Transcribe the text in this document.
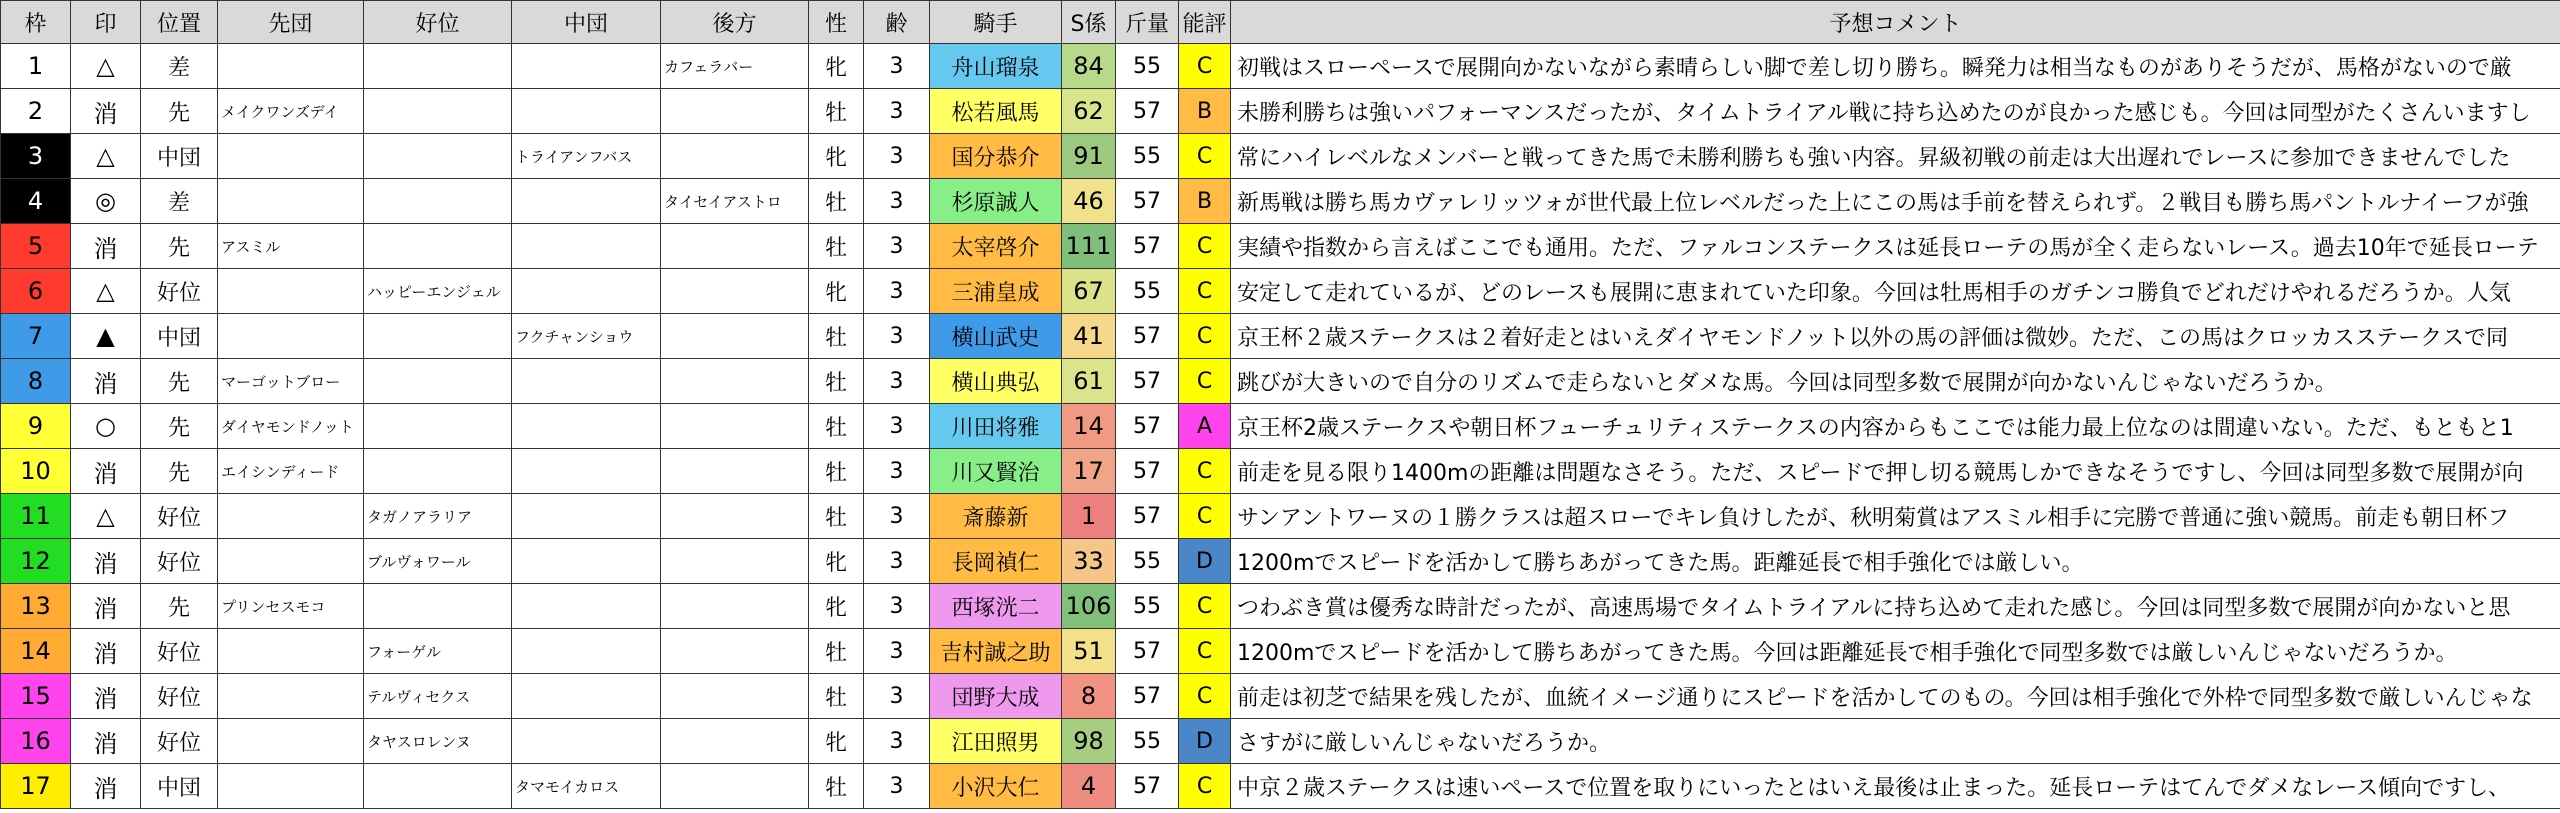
枠	印	位置	先団	好位	中団	後方	性	齢	騎手	S係	斤量	能評	予想コメント
1	△	差				カフェラバー	牝	3	舟山瑠泉	84	55	C	初戦はスローペースで展開向かないながら素晴らしい脚で差し切り勝ち。瞬発力は相当なものがありそうだが、馬格がないので厳
2	消	先	メイクワンズデイ				牡	3	松若風馬	62	57	B	未勝利勝ちは強いパフォーマンスだったが、タイムトライアル戦に持ち込めたのが良かった感じも。今回は同型がたくさんいますし
3	△	中団			トライアンフバス		牝	3	国分恭介	91	55	C	常にハイレベルなメンバーと戦ってきた馬で未勝利勝ちも強い内容。昇級初戦の前走は大出遅れでレースに参加できませんでした
4	◎	差				タイセイアストロ	牡	3	杉原誠人	46	57	B	新馬戦は勝ち馬カヴァレリッツォが世代最上位レベルだった上にこの馬は手前を替えられず。２戦目も勝ち馬パントルナイーフが強
5	消	先	アスミル				牡	3	太宰啓介	111	57	C	実績や指数から言えばここでも通用。ただ、ファルコンステークスは延長ローテの馬が全く走らないレース。過去10年で延長ローテ
6	△	好位		ハッピーエンジェル			牝	3	三浦皇成	67	55	C	安定して走れているが、どのレースも展開に恵まれていた印象。今回は牡馬相手のガチンコ勝負でどれだけやれるだろうか。人気
7	▲	中団			フクチャンショウ		牡	3	横山武史	41	57	C	京王杯２歳ステークスは２着好走とはいえダイヤモンドノット以外の馬の評価は微妙。ただ、この馬はクロッカスステークスで同
8	消	先	マーゴットブロー				牡	3	横山典弘	61	57	C	跳びが大きいので自分のリズムで走らないとダメな馬。今回は同型多数で展開が向かないんじゃないだろうか。
9	○	先	ダイヤモンドノット				牡	3	川田将雅	14	57	A	京王杯2歳ステークスや朝日杯フューチュリティステークスの内容からもここでは能力最上位なのは間違いない。ただ、もともと1
10	消	先	エイシンディード				牡	3	川又賢治	17	57	C	前走を見る限り1400mの距離は問題なさそう。ただ、スピードで押し切る競馬しかできなそうですし、今回は同型多数で展開が向
11	△	好位		タガノアラリア			牡	3	斎藤新	1	57	C	サンアントワーヌの１勝クラスは超スローでキレ負けしたが、秋明菊賞はアスミル相手に完勝で普通に強い競馬。前走も朝日杯フ
12	消	好位		ブルヴォワール			牝	3	長岡禎仁	33	55	D	1200mでスピードを活かして勝ちあがってきた馬。距離延長で相手強化では厳しい。
13	消	先	プリンセスモコ				牝	3	西塚洸二	106	55	C	つわぶき賞は優秀な時計だったが、高速馬場でタイムトライアルに持ち込めて走れた感じ。今回は同型多数で展開が向かないと思
14	消	好位		フォーゲル			牡	3	吉村誠之助	51	57	C	1200mでスピードを活かして勝ちあがってきた馬。今回は距離延長で相手強化で同型多数では厳しいんじゃないだろうか。
15	消	好位		テルヴィセクス			牡	3	団野大成	8	57	C	前走は初芝で結果を残したが、血統イメージ通りにスピードを活かしてのもの。今回は相手強化で外枠で同型多数で厳しいんじゃな
16	消	好位		タヤスロレンヌ			牝	3	江田照男	98	55	D	さすがに厳しいんじゃないだろうか。
17	消	中団			タマモイカロス		牡	3	小沢大仁	4	57	C	中京２歳ステークスは速いペースで位置を取りにいったとはいえ最後は止まった。延長ローテはてんでダメなレース傾向ですし、
